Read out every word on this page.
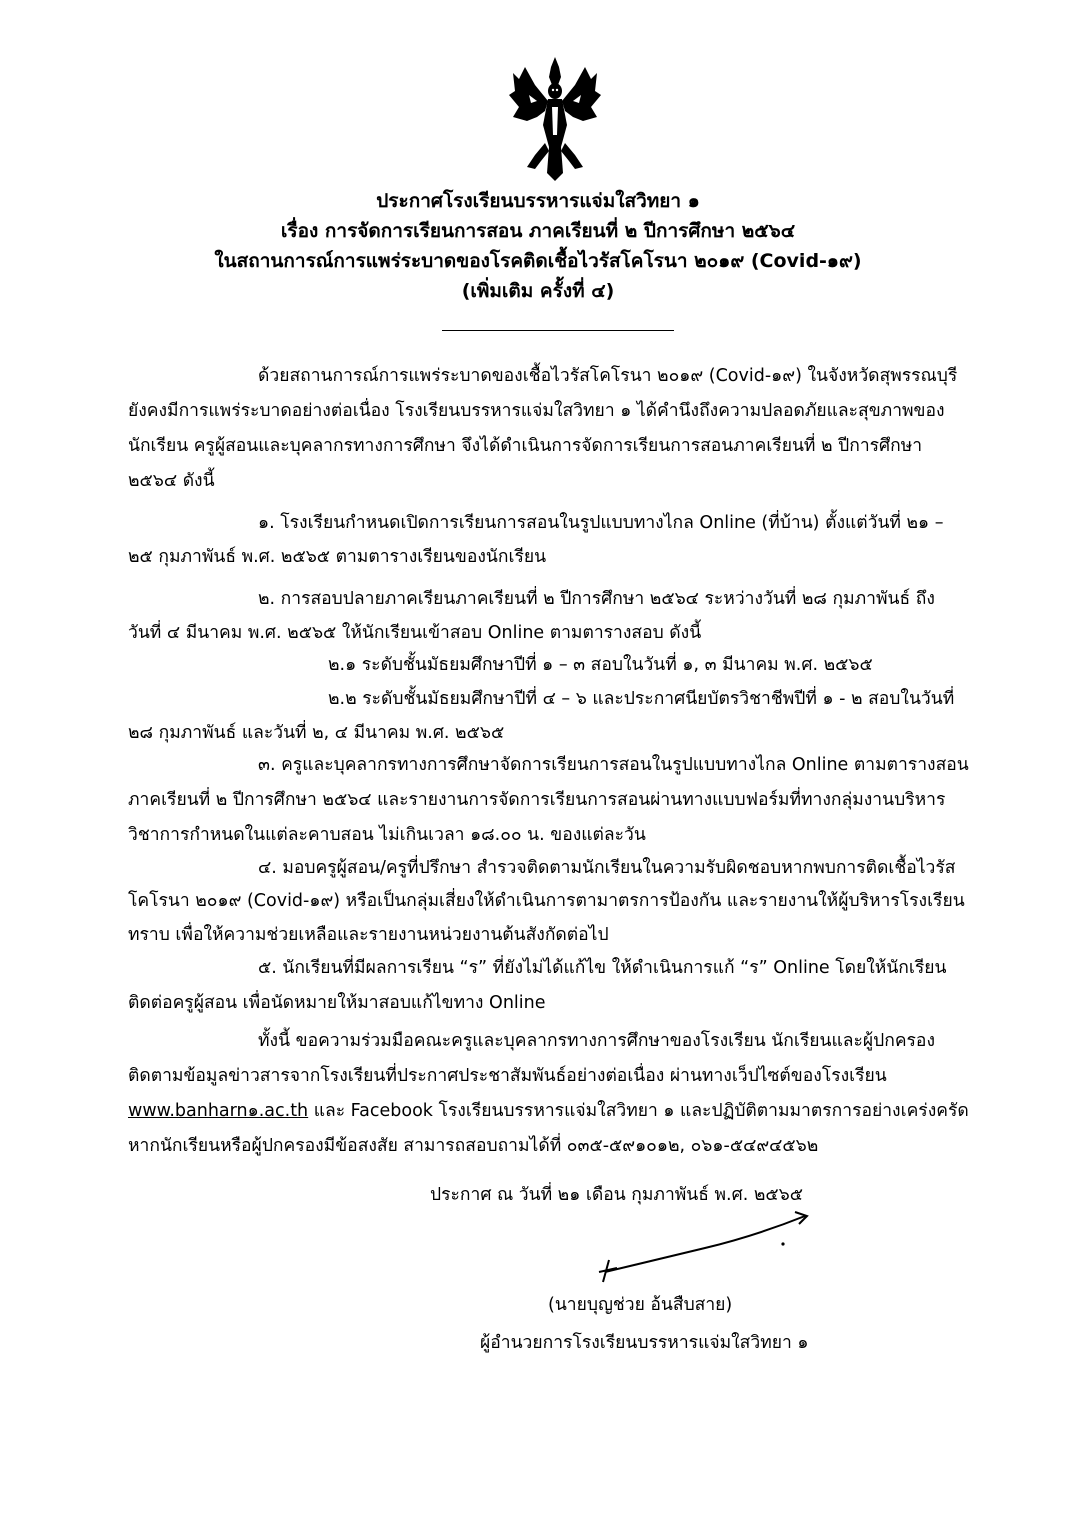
ประกาศโรงเรียนบรรหารแจ่มใสวิทยา ๑
เรื่อง การจัดการเรียนการสอน ภาคเรียนที่ ๒ ปีการศึกษา ๒๕๖๔
ในสถานการณ์การแพร่ระบาดของโรคติดเชื้อไวรัสโคโรนา ๒๐๑๙ (Covid-๑๙)
(เพิ่มเติม ครั้งที่ ๔)
ด้วยสถานการณ์การแพร่ระบาดของเชื้อไวรัสโคโรนา ๒๐๑๙ (Covid-๑๙) ในจังหวัดสุพรรณบุรี
ยังคงมีการแพร่ระบาดอย่างต่อเนื่อง โรงเรียนบรรหารแจ่มใสวิทยา ๑ ได้คำนึงถึงความปลอดภัยและสุขภาพของ
นักเรียน ครูผู้สอนและบุคลากรทางการศึกษา จึงได้ดำเนินการจัดการเรียนการสอนภาคเรียนที่ ๒ ปีการศึกษา
๒๕๖๔ ดังนี้
๑. โรงเรียนกำหนดเปิดการเรียนการสอนในรูปแบบทางไกล Online (ที่บ้าน) ตั้งแต่วันที่ ๒๑ –
๒๕ กุมภาพันธ์ พ.ศ. ๒๕๖๕ ตามตารางเรียนของนักเรียน
๒. การสอบปลายภาคเรียนภาคเรียนที่ ๒ ปีการศึกษา ๒๕๖๔ ระหว่างวันที่ ๒๘ กุมภาพันธ์ ถึง
วันที่ ๔ มีนาคม พ.ศ. ๒๕๖๕ ให้นักเรียนเข้าสอบ Online ตามตารางสอบ ดังนี้
๒.๑ ระดับชั้นมัธยมศึกษาปีที่ ๑ – ๓ สอบในวันที่ ๑, ๓ มีนาคม พ.ศ. ๒๕๖๕
๒.๒ ระดับชั้นมัธยมศึกษาปีที่ ๔ – ๖ และประกาศนียบัตรวิชาชีพปีที่ ๑ - ๒ สอบในวันที่
๒๘ กุมภาพันธ์ และวันที่ ๒, ๔ มีนาคม พ.ศ. ๒๕๖๕
๓. ครูและบุคลากรทางการศึกษาจัดการเรียนการสอนในรูปแบบทางไกล Online ตามตารางสอน
ภาคเรียนที่ ๒ ปีการศึกษา ๒๕๖๔ และรายงานการจัดการเรียนการสอนผ่านทางแบบฟอร์มที่ทางกลุ่มงานบริหาร
วิชาการกำหนดในแต่ละคาบสอน ไม่เกินเวลา ๑๘.๐๐ น. ของแต่ละวัน
๔. มอบครูผู้สอน/ครูที่ปรึกษา สำรวจติดตามนักเรียนในความรับผิดชอบหากพบการติดเชื้อไวรัส
โคโรนา ๒๐๑๙ (Covid-๑๙) หรือเป็นกลุ่มเสี่ยงให้ดำเนินการตามาตรการป้องกัน และรายงานให้ผู้บริหารโรงเรียน
ทราบ เพื่อให้ความช่วยเหลือและรายงานหน่วยงานต้นสังกัดต่อไป
๕. นักเรียนที่มีผลการเรียน “ร” ที่ยังไม่ได้แก้ไข ให้ดำเนินการแก้ “ร” Online โดยให้นักเรียน
ติดต่อครูผู้สอน เพื่อนัดหมายให้มาสอบแก้ไขทาง Online
ทั้งนี้ ขอความร่วมมือคณะครูและบุคลากรทางการศึกษาของโรงเรียน นักเรียนและผู้ปกครอง
ติดตามข้อมูลข่าวสารจากโรงเรียนที่ประกาศประชาสัมพันธ์อย่างต่อเนื่อง ผ่านทางเว็ปไซต์ของโรงเรียน
www.banharn๑.ac.th และ Facebook โรงเรียนบรรหารแจ่มใสวิทยา ๑ และปฏิบัติตามมาตรการอย่างเคร่งครัด
หากนักเรียนหรือผู้ปกครองมีข้อสงสัย สามารถสอบถามได้ที่ ๐๓๕-๕๙๑๐๑๒, ๐๖๑-๕๔๙๔๕๖๒
ประกาศ ณ วันที่ ๒๑ เดือน กุมภาพันธ์ พ.ศ. ๒๕๖๕
(นายบุญช่วย อ้นสืบสาย)
ผู้อำนวยการโรงเรียนบรรหารแจ่มใสวิทยา ๑
